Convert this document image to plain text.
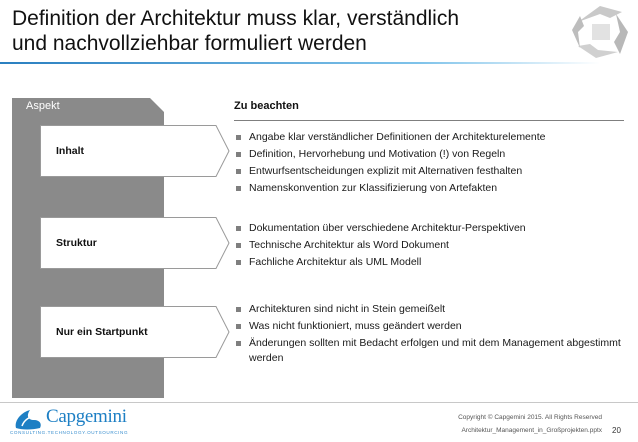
Definition der Architektur muss klar, verständlich
und nachvollziehbar formuliert werden
Aspekt	Zu beachten
Inhalt
Angabe klar verständlicher Definitionen der Architekturelemente
Definition, Hervorhebung und Motivation (!) von Regeln
Entwurfsentscheidungen explizit mit Alternativen festhalten
Namenskonvention zur Klassifizierung von Artefakten
Struktur
Dokumentation über verschiedene Architektur-Perspektiven
Technische Architektur als Word Dokument
Fachliche Architektur als UML Modell
Nur ein Startpunkt
Architekturen sind nicht in Stein gemeißelt
Was nicht funktioniert, muss geändert werden
Änderungen sollten mit Bedacht erfolgen und mit dem Management abgestimmt werden
Capgemini
CONSULTING.TECHNOLOGY.OUTSOURCING
Copyright © Capgemini 2015. All Rights Reserved
Architektur_Management_in_Großprojekten.pptx 20
